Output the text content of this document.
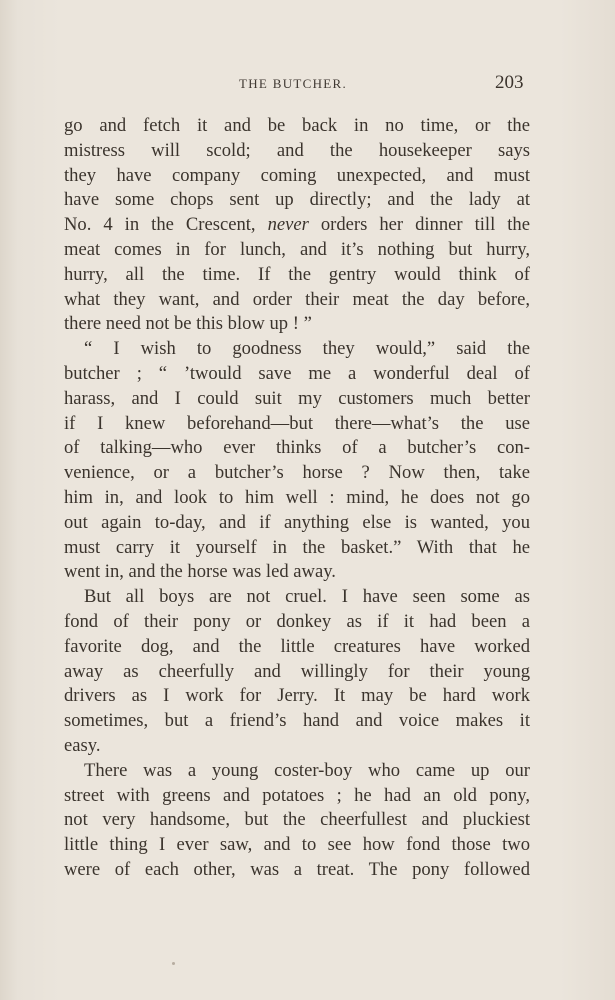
THE BUTCHER.	203
go and fetch it and be back in no time, or the
mistress will scold; and the housekeeper says
they have company coming unexpected, and must
have some chops sent up directly; and the lady at
No. 4 in the Crescent, never orders her dinner till the
meat comes in for lunch, and it’s nothing but hurry,
hurry, all the time. If the gentry would think of
what they want, and order their meat the day before,
there need not be this blow up ! ”
“ I wish to goodness they would,” said the
butcher ; “ ’twould save me a wonderful deal of
harass, and I could suit my customers much better
if I knew beforehand—but there—what’s the use
of talking—who ever thinks of a butcher’s con-
venience, or a butcher’s horse ? Now then, take
him in, and look to him well : mind, he does not go
out again to-day, and if anything else is wanted, you
must carry it yourself in the basket.” With that he
went in, and the horse was led away.
But all boys are not cruel. I have seen some as
fond of their pony or donkey as if it had been a
favorite dog, and the little creatures have worked
away as cheerfully and willingly for their young
drivers as I work for Jerry. It may be hard work
sometimes, but a friend’s hand and voice makes it
easy.
There was a young coster-boy who came up our
street with greens and potatoes ; he had an old pony,
not very handsome, but the cheerfullest and pluckiest
little thing I ever saw, and to see how fond those two
were of each other, was a treat. The pony followed
